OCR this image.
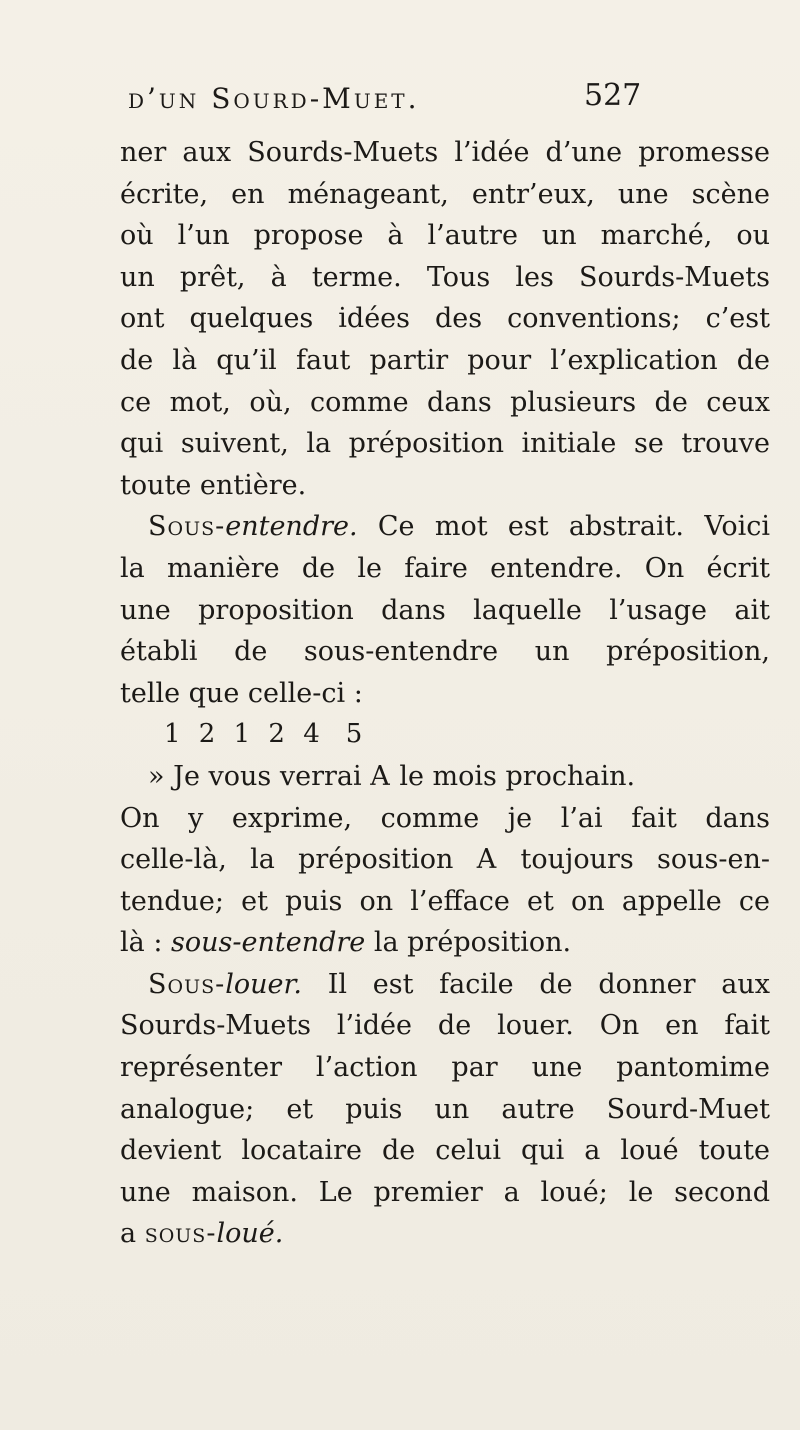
d’un Sourd-Muet.	527
ner aux Sourds-Muets l’idée d’une promesse
écrite, en ménageant, entr’eux, une scène
où l’un propose à l’autre un marché, ou
un prêt, à terme. Tous les Sourds-Muets
ont quelques idées des conventions; c’est
de là qu’il faut partir pour l’explication de
ce mot, où, comme dans plusieurs de ceux
qui suivent, la préposition initiale se trouve
toute entière.
Sous-entendre. Ce mot est abstrait. Voici
la manière de le faire entendre. On écrit
une proposition dans laquelle l’usage ait
établi de sous-entendre un préposition,
telle que celle-ci :
1 2 1 2 4 5
» Je vous verrai A le mois prochain.
On y exprime, comme je l’ai fait dans
celle-là, la préposition A toujours sous-en-
tendue; et puis on l’efface et on appelle ce
là : sous-entendre la préposition.
Sous-louer. Il est facile de donner aux
Sourds-Muets l’idée de louer. On en fait
représenter l’action par une pantomime
analogue; et puis un autre Sourd-Muet
devient locataire de celui qui a loué toute
une maison. Le premier a loué; le second
a sous-loué.
